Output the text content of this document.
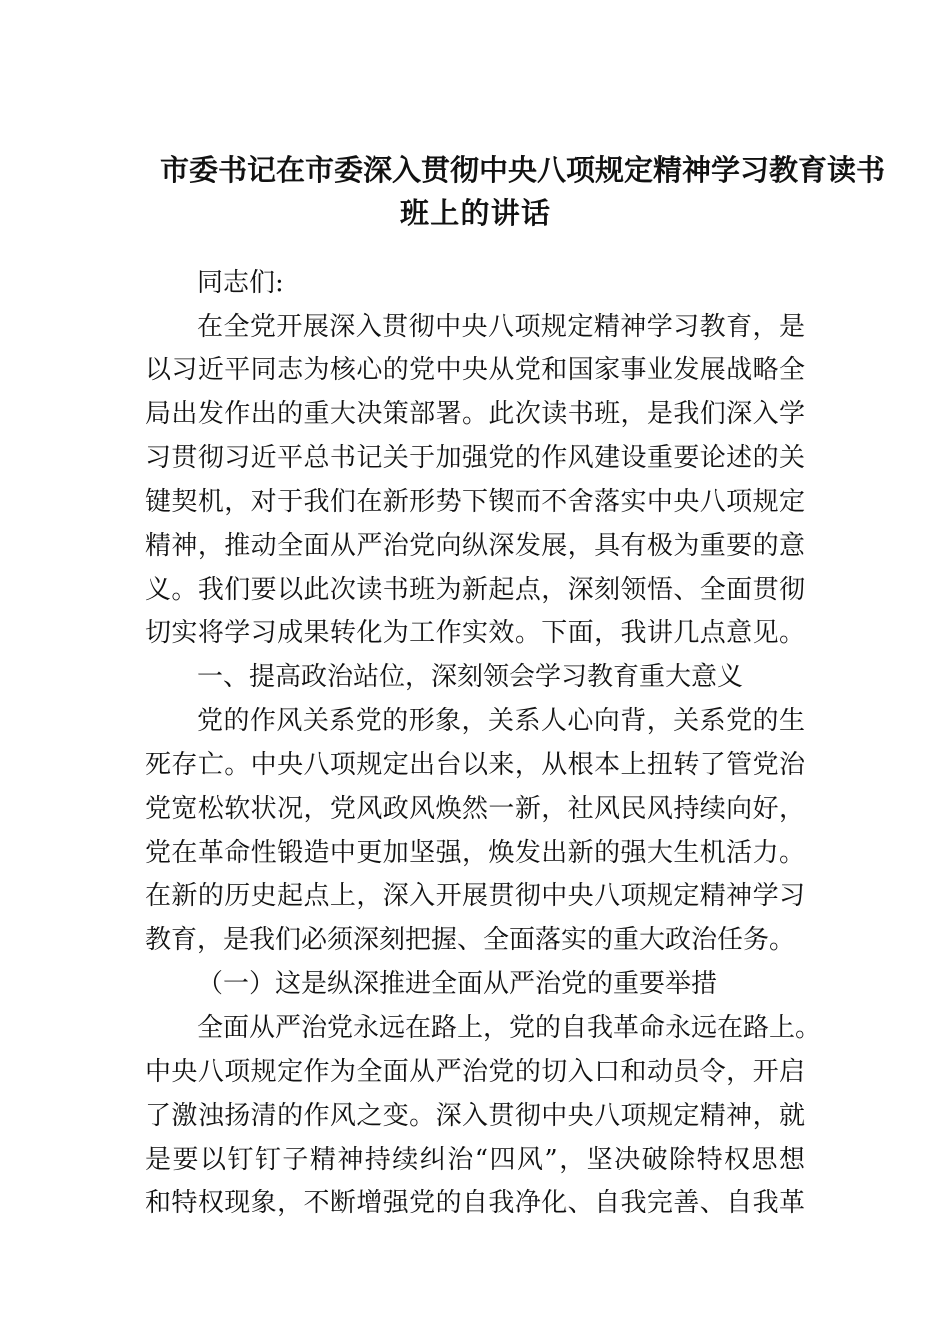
市委书记在市委深入贯彻中央八项规定精神学习教育读书
班上的讲话
同志们:
在全党开展深入贯彻中央八项规定精神学习教育，是
以习近平同志为核心的党中央从党和国家事业发展战略全
局出发作出的重大决策部署。此次读书班，是我们深入学
习贯彻习近平总书记关于加强党的作风建设重要论述的关
键契机，对于我们在新形势下锲而不舍落实中央八项规定
精神，推动全面从严治党向纵深发展，具有极为重要的意
义。我们要以此次读书班为新起点，深刻领悟、全面贯彻
切实将学习成果转化为工作实效。下面，我讲几点意见。
一、提高政治站位，深刻领会学习教育重大意义
党的作风关系党的形象，关系人心向背，关系党的生
死存亡。中央八项规定出台以来，从根本上扭转了管党治
党宽松软状况，党风政风焕然一新，社风民风持续向好，
党在革命性锻造中更加坚强，焕发出新的强大生机活力。
在新的历史起点上，深入开展贯彻中央八项规定精神学习
教育，是我们必须深刻把握、全面落实的重大政治任务。
（一）这是纵深推进全面从严治党的重要举措
全面从严治党永远在路上，党的自我革命永远在路上。
中央八项规定作为全面从严治党的切入口和动员令，开启
了激浊扬清的作风之变。深入贯彻中央八项规定精神，就
是要以钉钉子精神持续纠治“四风”，坚决破除特权思想
和特权现象，不断增强党的自我净化、自我完善、自我革
